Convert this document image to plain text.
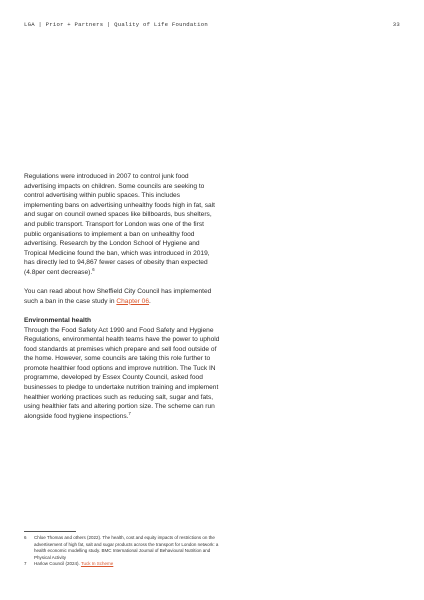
LGA | Prior + Partners | Quality of Life Foundation	33

Regulations were introduced in 2007 to control junk food advertising impacts on children. Some councils are seeking to control advertising within public spaces. This includes implementing bans on advertising unhealthy foods high in fat, salt and sugar on council owned spaces like billboards, bus shelters, and public transport. Transport for London was one of the first public organisations to implement a ban on unhealthy food advertising. Research by the London School of Hygiene and Tropical Medicine found the ban, which was introduced in 2019, has directly led to 94,867 fewer cases of obesity than expected (4.8per cent decrease).$^6$

You can read about how Sheffield City Council has implemented such a ban in the case study in Chapter 06.

Environmental health

Through the Food Safety Act 1990 and Food Safety and Hygiene Regulations, environmental health teams have the power to uphold food standards at premises which prepare and sell food outside of the home. However, some councils are taking this role further to promote healthier food options and improve nutrition. The Tuck IN programme, developed by Essex County Council, asked food businesses to pledge to undertake nutrition training and implement healthier working practices such as reducing salt, sugar and fats, using healthier fats and altering portion size. The scheme can run alongside food hygiene inspections.$^7$

6	Chloe Thomas and others (2022). The health, cost and equity impacts of restrictions on the advertisement of high fat, salt and sugar products across the transport for London network: a health economic modelling study. BMC International Journal of Behavioural Nutrition and Physical Activity
7	Harlow Council (2024). Tuck In Scheme
